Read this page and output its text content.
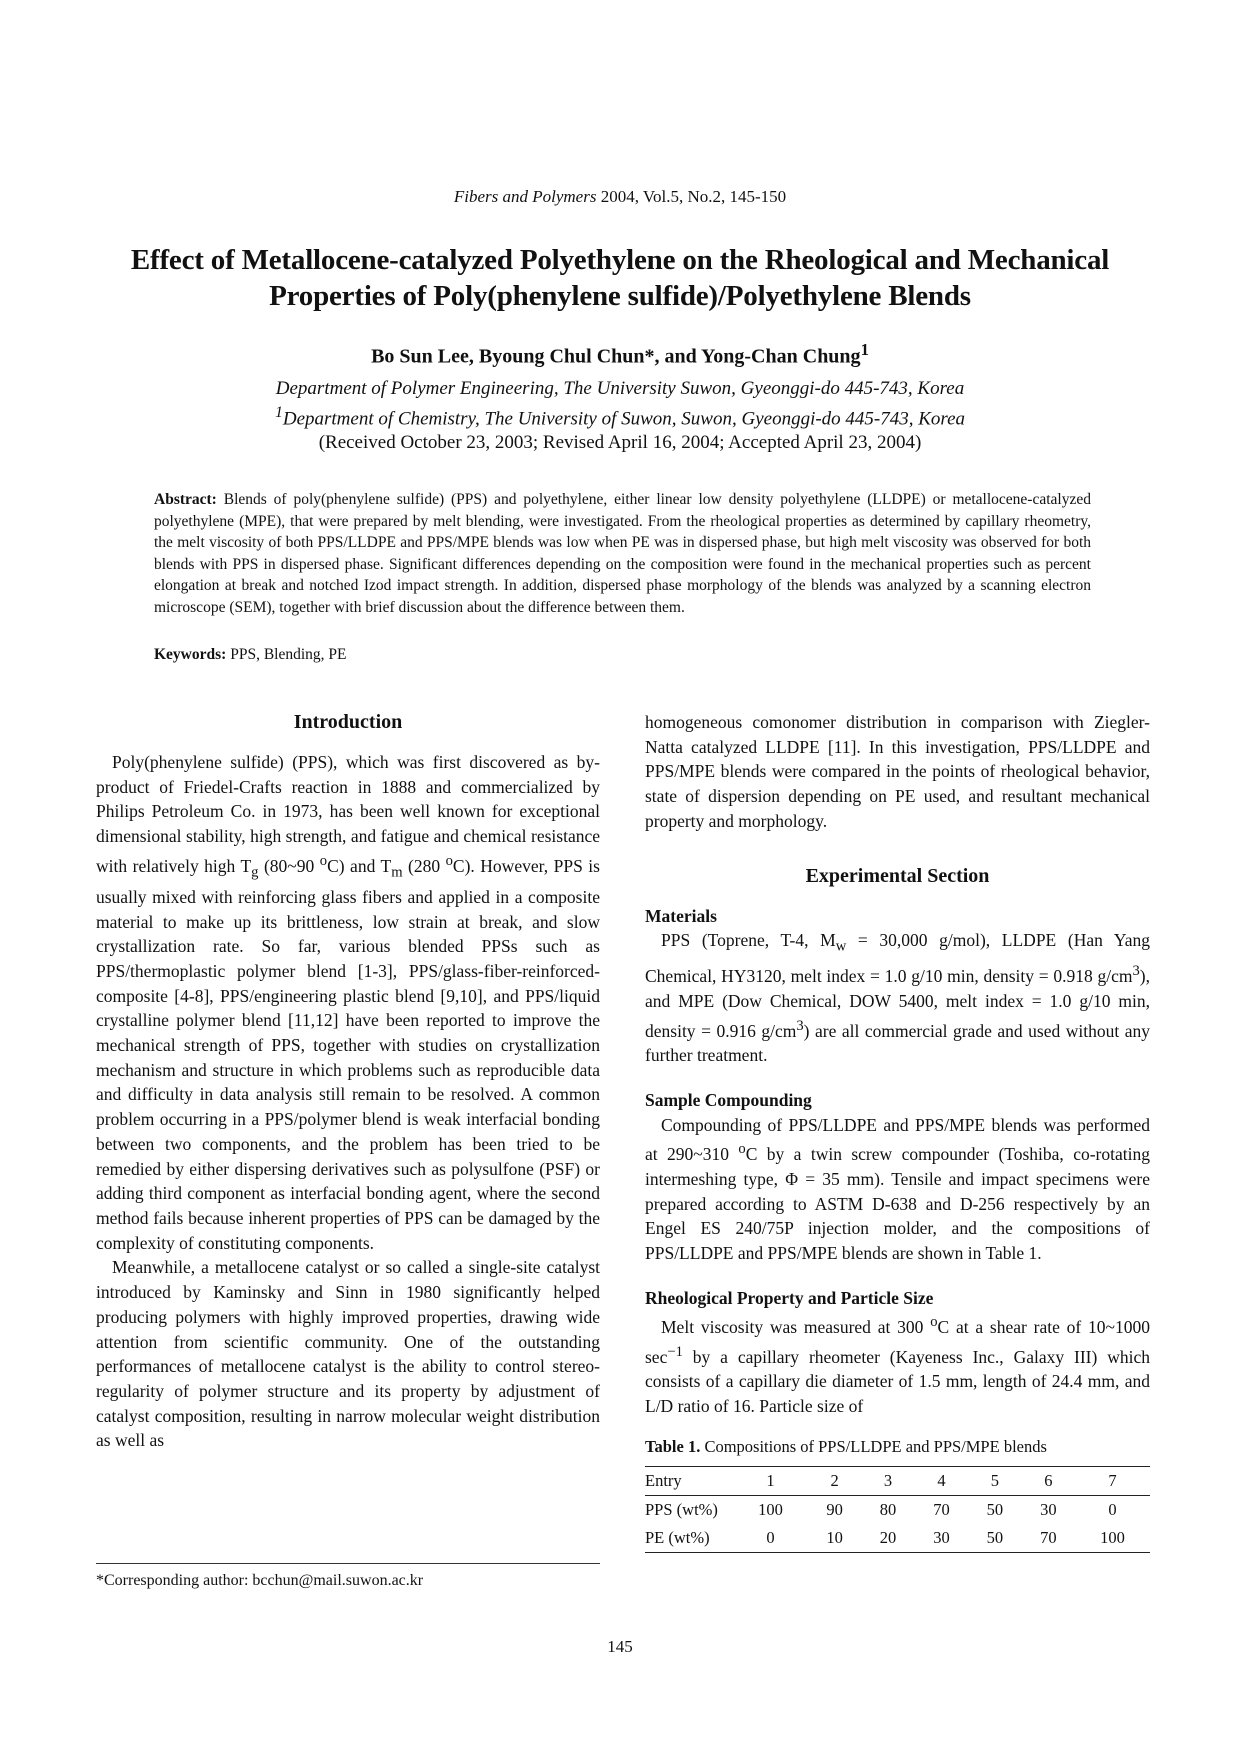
Fibers and Polymers 2004, Vol.5, No.2, 145-150
Effect of Metallocene-catalyzed Polyethylene on the Rheological and Mechanical
Properties of Poly(phenylene sulfide)/Polyethylene Blends
Bo Sun Lee, Byoung Chul Chun*, and Yong-Chan Chung$^1$
Department of Polymer Engineering, The University Suwon, Gyeonggi-do 445-743, Korea
$^1$Department of Chemistry, The University of Suwon, Suwon, Gyeonggi-do 445-743, Korea
(Received October 23, 2003; Revised April 16, 2004; Accepted April 23, 2004)
Abstract: Blends of poly(phenylene sulfide) (PPS) and polyethylene, either linear low density polyethylene (LLDPE) or metallocene-catalyzed polyethylene (MPE), that were prepared by melt blending, were investigated. From the rheological properties as determined by capillary rheometry, the melt viscosity of both PPS/LLDPE and PPS/MPE blends was low when PE was in dispersed phase, but high melt viscosity was observed for both blends with PPS in dispersed phase. Significant differences depending on the composition were found in the mechanical properties such as percent elongation at break and notched Izod impact strength. In addition, dispersed phase morphology of the blends was analyzed by a scanning electron microscope (SEM), together with brief discussion about the difference between them.
Keywords: PPS, Blending, PE
Introduction

Poly(phenylene sulfide) (PPS), which was first discovered as by-product of Friedel-Crafts reaction in 1888 and commercialized by Philips Petroleum Co. in 1973, has been well known for exceptional dimensional stability, high strength, and fatigue and chemical resistance with relatively high $T_g$ (80~90 $^o$C) and $T_m$ (280 $^o$C). However, PPS is usually mixed with reinforcing glass fibers and applied in a composite material to make up its brittleness, low strain at break, and slow crystallization rate. So far, various blended PPSs such as PPS/thermoplastic polymer blend [1-3], PPS/glass-fiber-reinforced-composite [4-8], PPS/engineering plastic blend [9,10], and PPS/liquid crystalline polymer blend [11,12] have been reported to improve the mechanical strength of PPS, together with studies on crystallization mechanism and structure in which problems such as reproducible data and difficulty in data analysis still remain to be resolved. A common problem occurring in a PPS/polymer blend is weak interfacial bonding between two components, and the problem has been tried to be remedied by either dispersing derivatives such as polysulfone (PSF) or adding third component as interfacial bonding agent, where the second method fails because inherent properties of PPS can be damaged by the complexity of constituting components.

Meanwhile, a metallocene catalyst or so called a single-site catalyst introduced by Kaminsky and Sinn in 1980 significantly helped producing polymers with highly improved properties, drawing wide attention from scientific community. One of the outstanding performances of metallocene catalyst is the ability to control stereo-regularity of polymer structure and its property by adjustment of catalyst composition, resulting in narrow molecular weight distribution as well as

*Corresponding author: bcchun@mail.suwon.ac.kr

homogeneous comonomer distribution in comparison with Ziegler-Natta catalyzed LLDPE [11]. In this investigation, PPS/LLDPE and PPS/MPE blends were compared in the points of rheological behavior, state of dispersion depending on PE used, and resultant mechanical property and morphology.

Experimental Section

Materials

PPS (Toprene, T-4, $M_w = 30,000$ g/mol), LLDPE (Han Yang Chemical, HY3120, melt index = 1.0 g/10 min, density = 0.918 $g/cm^3$), and MPE (Dow Chemical, DOW 5400, melt index = 1.0 g/10 min, density = 0.916 $g/cm^3$) are all commercial grade and used without any further treatment.

Sample Compounding

Compounding of PPS/LLDPE and PPS/MPE blends was performed at 290~310 $^o$C by a twin screw compounder (Toshiba, co-rotating intermeshing type, Φ = 35 mm). Tensile and impact specimens were prepared according to ASTM D-638 and D-256 respectively by an Engel ES 240/75P injection molder, and the compositions of PPS/LLDPE and PPS/MPE blends are shown in Table 1.

Rheological Property and Particle Size

Melt viscosity was measured at 300 $^o$C at a shear rate of 10~1000 $\sec^{-1}$ by a capillary rheometer (Kayeness Inc., Galaxy III) which consists of a capillary die diameter of 1.5 mm, length of 24.4 mm, and L/D ratio of 16. Particle size of

Table 1. Compositions of PPS/LLDPE and PPS/MPE blends
Entry	1	2	3	4	5	6	7
PPS (wt%)	100	90	80	70	50	30	0
PE (wt%)	0	10	20	30	50	70	100
145
